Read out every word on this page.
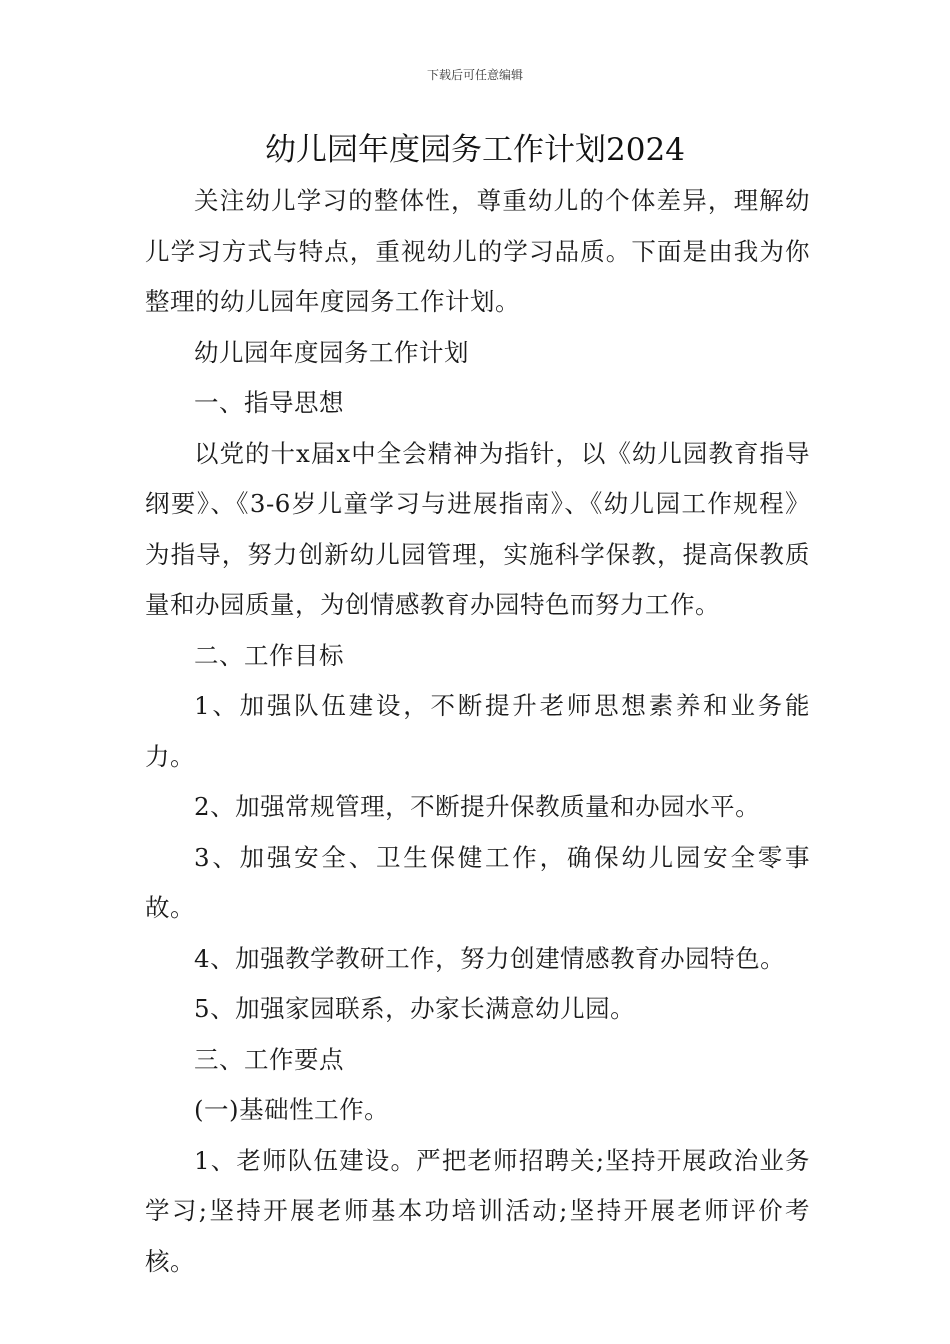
下载后可任意编辑
幼儿园年度园务工作计划2024

关注幼儿学习的整体性，尊重幼儿的个体差异，理解幼儿学习方式与特点，重视幼儿的学习品质。下面是由我为你整理的幼儿园年度园务工作计划。

幼儿园年度园务工作计划

一、指导思想

以党的十x届x中全会精神为指针，以《幼儿园教育指导纲要》、《3-6岁儿童学习与进展指南》、《幼儿园工作规程》为指导，努力创新幼儿园管理，实施科学保教，提高保教质量和办园质量，为创情感教育办园特色而努力工作。

二、工作目标

1、加强队伍建设，不断提升老师思想素养和业务能力。

2、加强常规管理，不断提升保教质量和办园水平。

3、加强安全、卫生保健工作，确保幼儿园安全零事故。

4、加强教学教研工作，努力创建情感教育办园特色。

5、加强家园联系，办家长满意幼儿园。

三、工作要点

(一)基础性工作。

1、老师队伍建设。严把老师招聘关;坚持开展政治业务学习;坚持开展老师基本功培训活动;坚持开展老师评价考核。
